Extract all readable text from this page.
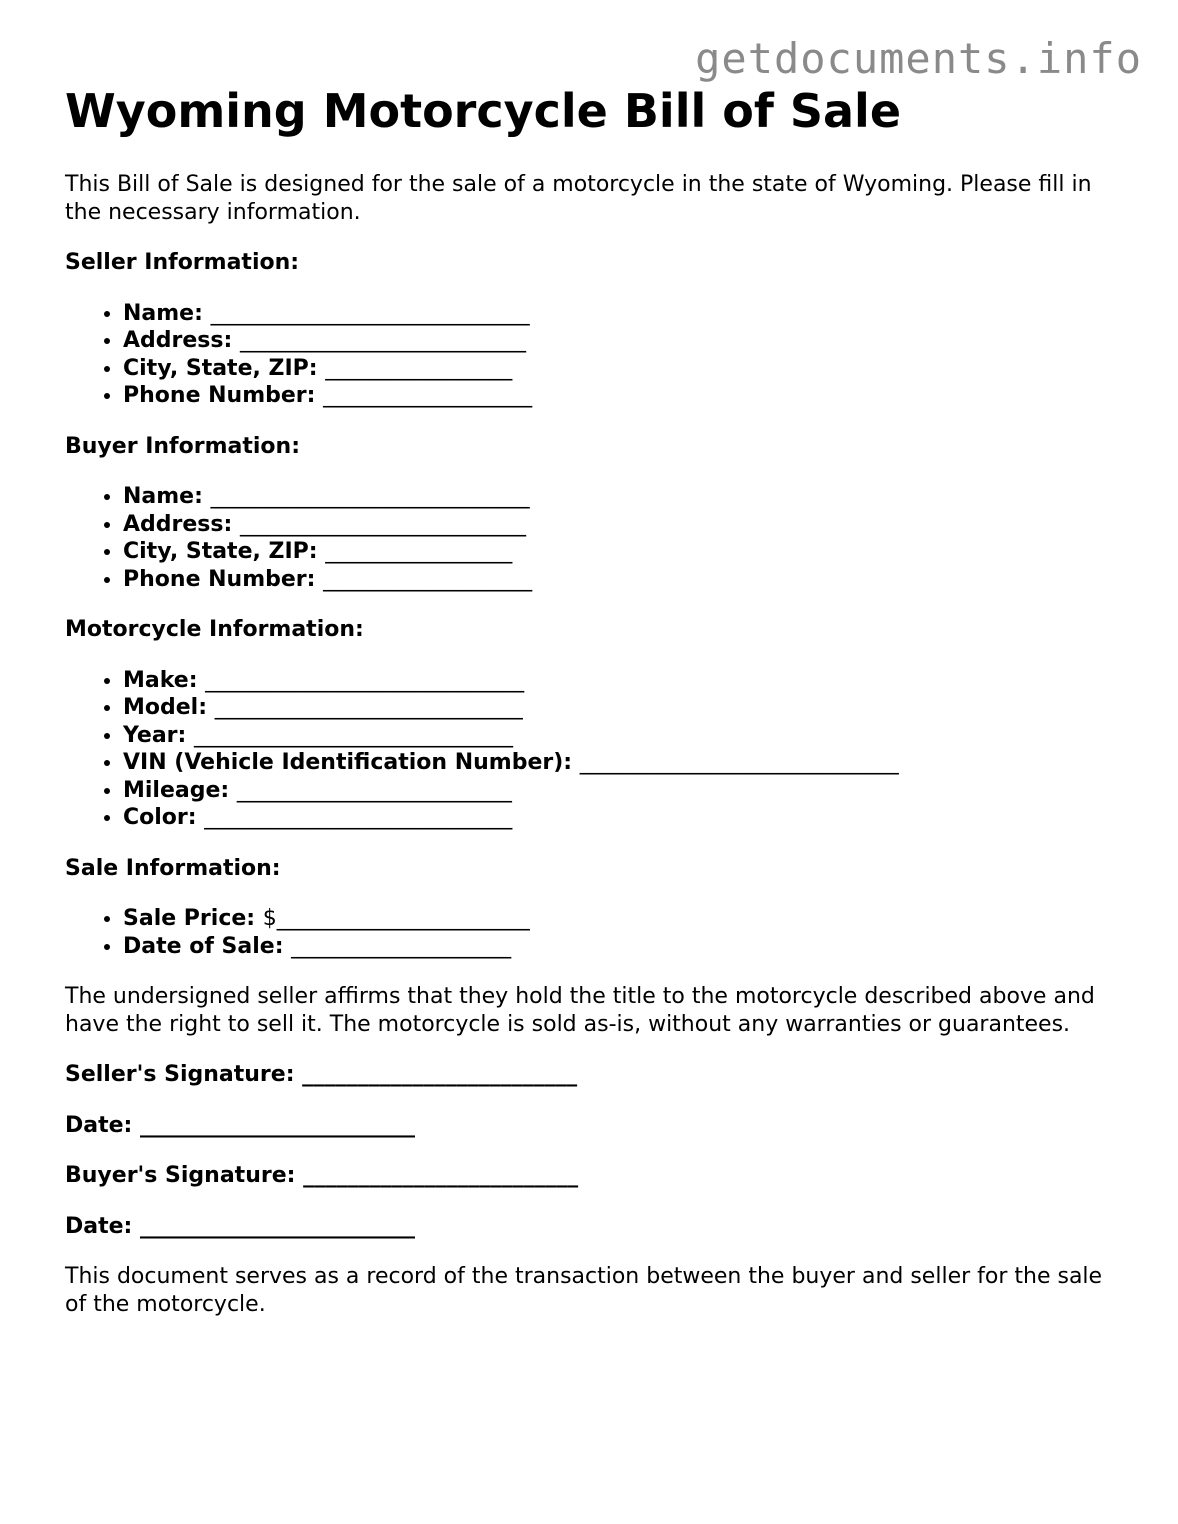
getdocuments.info
Wyoming Motorcycle Bill of Sale

This Bill of Sale is designed for the sale of a motorcycle in the state of Wyoming. Please fill in the necessary information.

Seller Information:
• Name: _____________________________
• Address: __________________________
• City, State, ZIP: _________________
• Phone Number: ___________________
Buyer Information:
• Name: _____________________________
• Address: __________________________
• City, State, ZIP: _________________
• Phone Number: ___________________
Motorcycle Information:
• Make: _____________________________
• Model: ____________________________
• Year: _____________________________
• VIN (Vehicle Identification Number): _____________________________
• Mileage: _________________________
• Color: ____________________________
Sale Information:
• Sale Price: $_______________________
• Date of Sale: ____________________

The undersigned seller affirms that they hold the title to the motorcycle described above and have the right to sell it. The motorcycle is sold as-is, without any warranties or guarantees.

Seller's Signature: _________________________
Date: _________________________
Buyer's Signature: _________________________
Date: _________________________

This document serves as a record of the transaction between the buyer and seller for the sale of the motorcycle.
